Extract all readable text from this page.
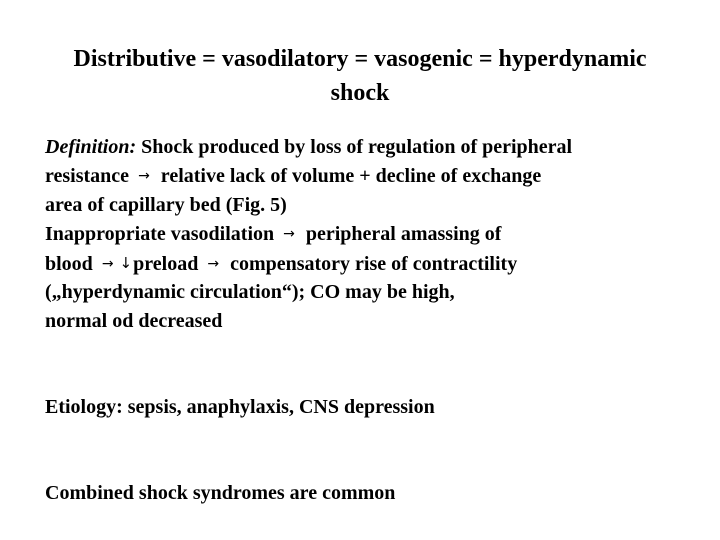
Distributive = vasodilatory = vasogenic = hyperdynamic
shock
Definition: Shock produced by loss of regulation of peripheral
resistance → relative lack of volume + decline of exchange
area of capillary bed (Fig. 5)
Inappropriate vasodilation → peripheral amassing of
blood → ↓preload → compensatory rise of contractility
(„hyperdynamic circulation“); CO may be high,
normal od decreased
Etiology: sepsis, anaphylaxis, CNS depression
Combined shock syndromes are common
